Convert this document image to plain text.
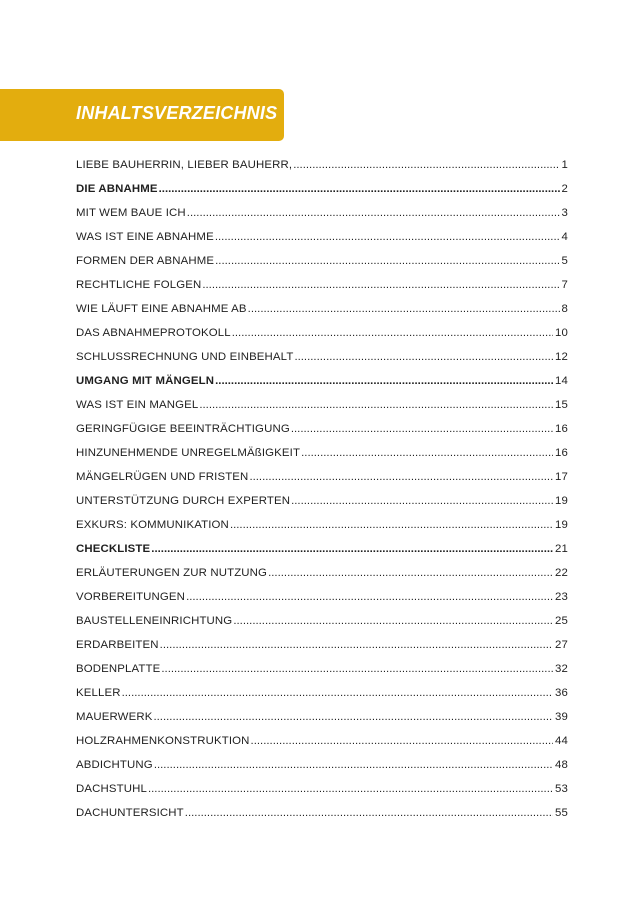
INHALTSVERZEICHNIS
LIEBE BAUHERRIN, LIEBER BAUHERR, .....	1
DIE ABNAHME .....	2
MIT WEM BAUE ICH .....	3
WAS IST EINE ABNAHME .....	4
FORMEN DER ABNAHME .....	5
RECHTLICHE FOLGEN .....	7
WIE LÄUFT EINE ABNAHME AB .....	8
DAS ABNAHMEPROTOKOLL .....	10
SCHLUSSRECHNUNG UND EINBEHALT .....	12
UMGANG MIT MÄNGELN .....	14
WAS IST EIN MANGEL .....	15
GERINGFÜGIGE BEEINTRÄCHTIGUNG .....	16
HINZUNEHMENDE UNREGELMÄßIGKEIT .....	16
MÄNGELRÜGEN UND FRISTEN .....	17
UNTERSTÜTZUNG DURCH EXPERTEN .....	19
EXKURS: KOMMUNIKATION .....	19
CHECKLISTE .....	21
ERLÄUTERUNGEN ZUR NUTZUNG .....	22
VORBEREITUNGEN .....	23
BAUSTELLENEINRICHTUNG .....	25
ERDARBEITEN .....	27
BODENPLATTE .....	32
KELLER .....	36
MAUERWERK .....	39
HOLZRAHMENKONSTRUKTION .....	44
ABDICHTUNG .....	48
DACHSTUHL .....	53
DACHUNTERSICHT .....	55
